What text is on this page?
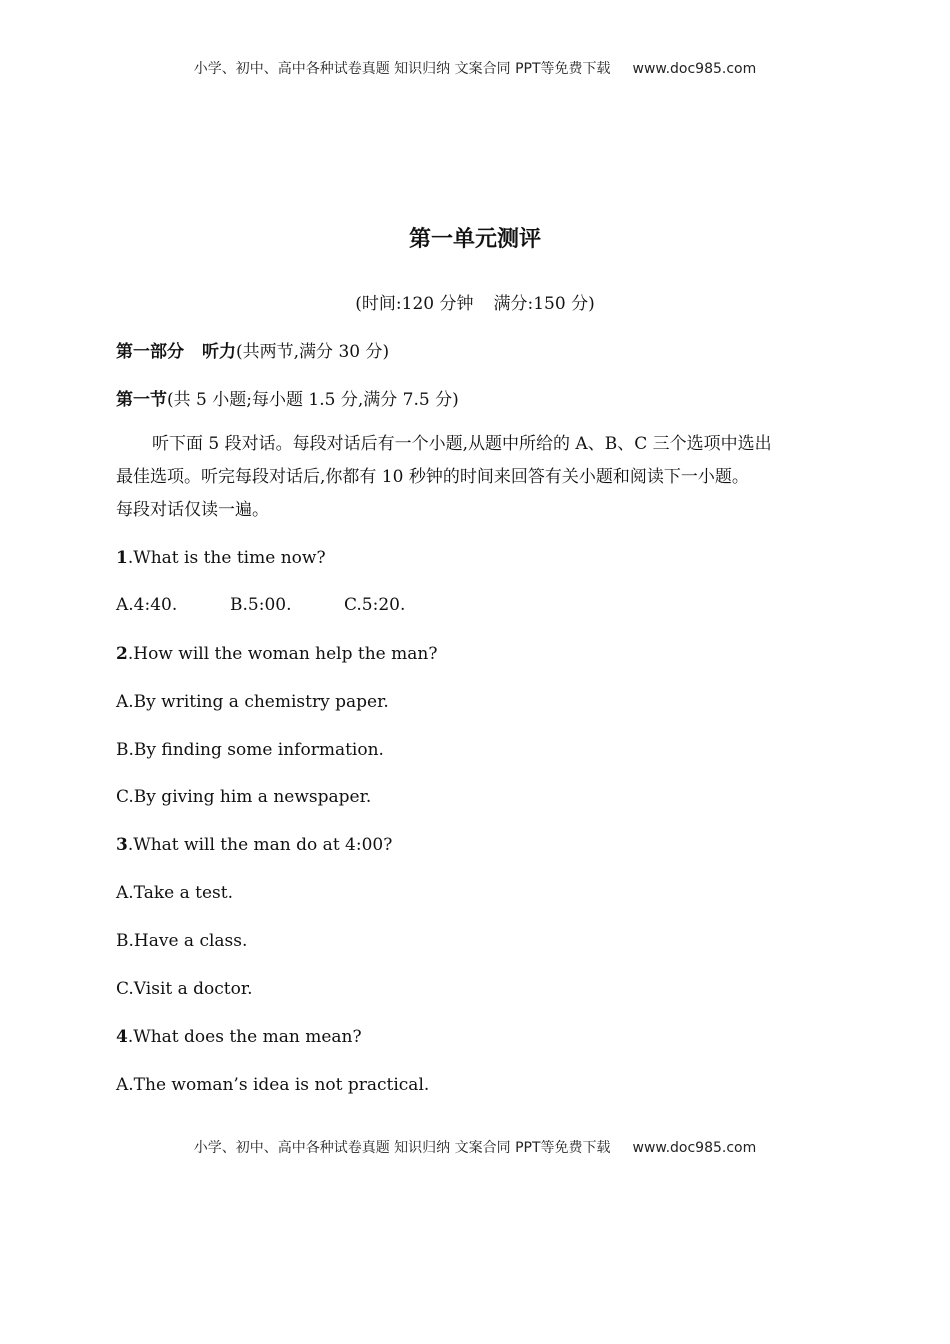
小学、初中、高中各种试卷真题 知识归纳 文案合同 PPT等免费下载 www.doc985.com
第一单元测评
(时间:120 分钟 满分:150 分)
第一部分 听力(共两节,满分 30 分)
第一节(共 5 小题;每小题 1.5 分,满分 7.5 分)
听下面 5 段对话。每段对话后有一个小题,从题中所给的 A、B、C 三个选项中选出
最佳选项。听完每段对话后,你都有 10 秒钟的时间来回答有关小题和阅读下一小题。
每段对话仅读一遍。
1.What is the time now?
A.4:40.	B.5:00.	C.5:20.
2.How will the woman help the man?
A.By writing a chemistry paper.
B.By finding some information.
C.By giving him a newspaper.
3.What will the man do at 4:00?
A.Take a test.
B.Have a class.
C.Visit a doctor.
4.What does the man mean?
A.The woman’s idea is not practical.
小学、初中、高中各种试卷真题 知识归纳 文案合同 PPT等免费下载 www.doc985.com
